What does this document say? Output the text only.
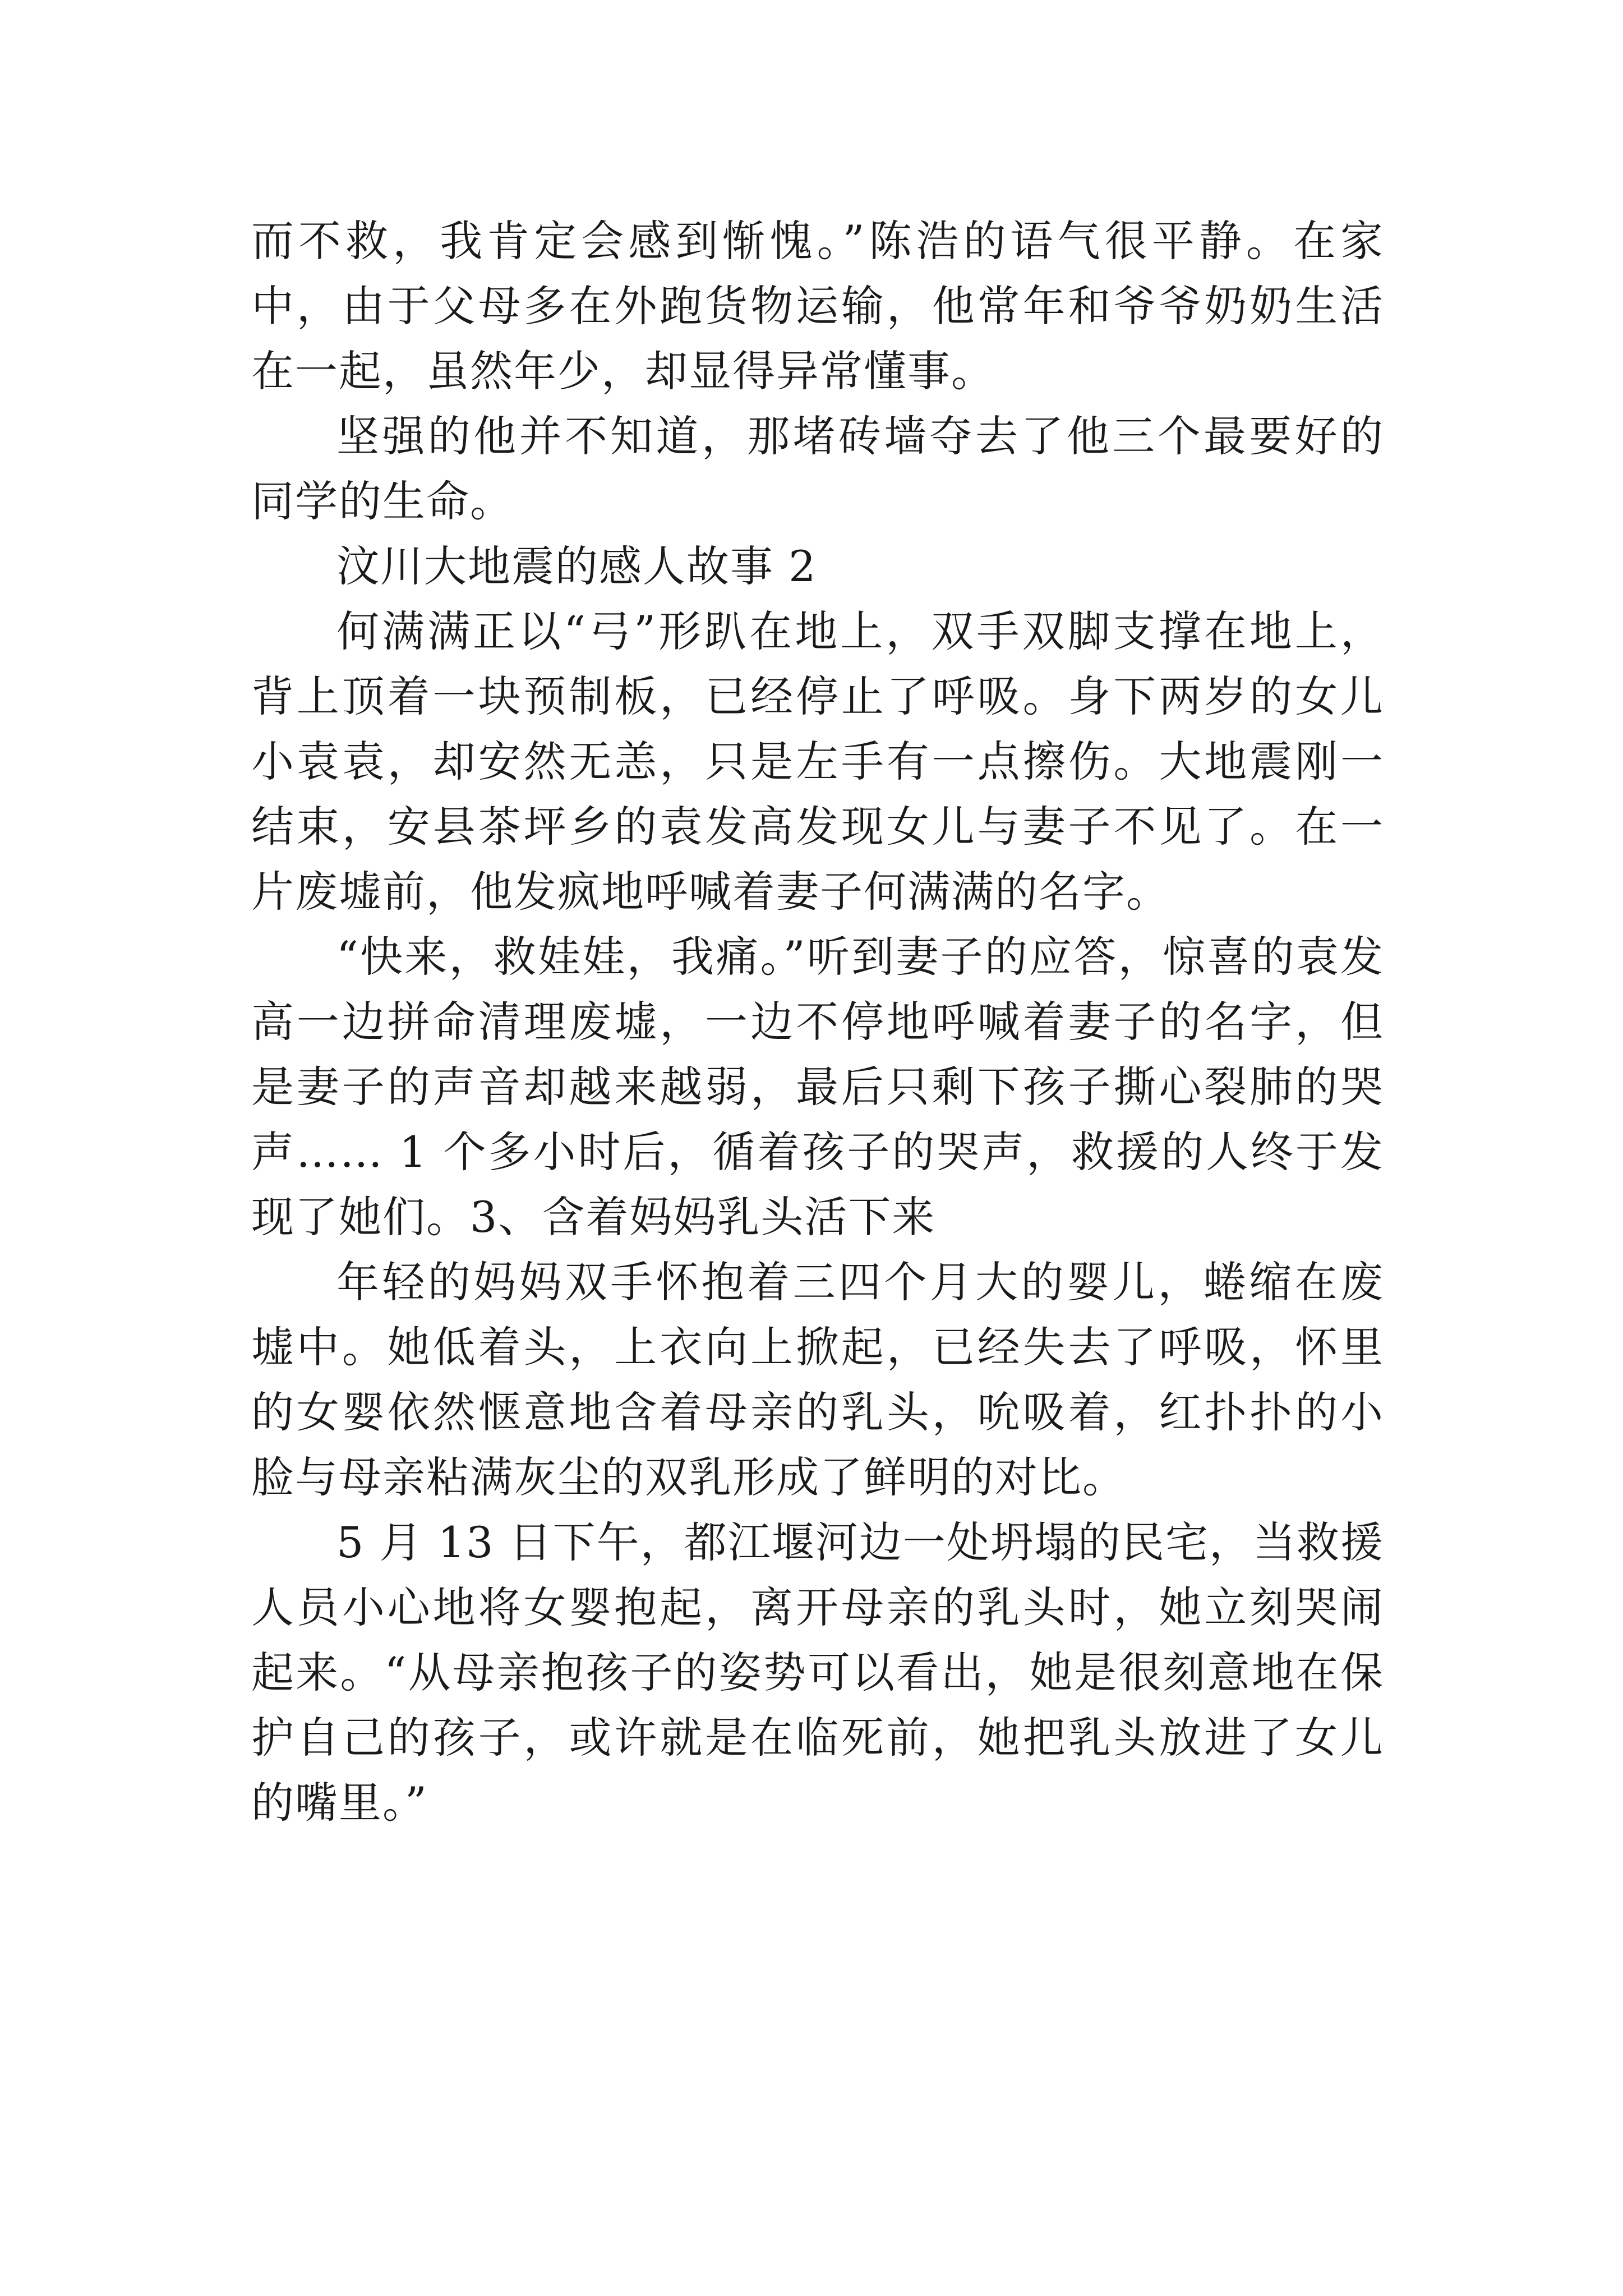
而不救，我肯定会感到惭愧。”陈浩的语气很平静。在家中，由于父母多在外跑货物运输，他常年和爷爷奶奶生活在一起，虽然年少，却显得异常懂事。

坚强的他并不知道，那堵砖墙夺去了他三个最要好的同学的生命。

汶川大地震的感人故事 2

何满满正以“弓”形趴在地上，双手双脚支撑在地上，背上顶着一块预制板，已经停止了呼吸。身下两岁的女儿小袁袁，却安然无恙，只是左手有一点擦伤。大地震刚一结束，安县茶坪乡的袁发高发现女儿与妻子不见了。在一片废墟前，他发疯地呼喊着妻子何满满的名字。

“快来，救娃娃，我痛。”听到妻子的应答，惊喜的袁发高一边拼命清理废墟，一边不停地呼喊着妻子的名字，但是妻子的声音却越来越弱，最后只剩下孩子撕心裂肺的哭声…… 1 个多小时后，循着孩子的哭声，救援的人终于发现了她们。3、含着妈妈乳头活下来

年轻的妈妈双手怀抱着三四个月大的婴儿，蜷缩在废墟中。她低着头，上衣向上掀起，已经失去了呼吸，怀里的女婴依然惬意地含着母亲的乳头，吮吸着，红扑扑的小脸与母亲粘满灰尘的双乳形成了鲜明的对比。

5 月 13 日下午，都江堰河边一处坍塌的民宅，当救援人员小心地将女婴抱起，离开母亲的乳头时，她立刻哭闹起来。“从母亲抱孩子的姿势可以看出，她是很刻意地在保护自己的孩子，或许就是在临死前，她把乳头放进了女儿的嘴里。”
